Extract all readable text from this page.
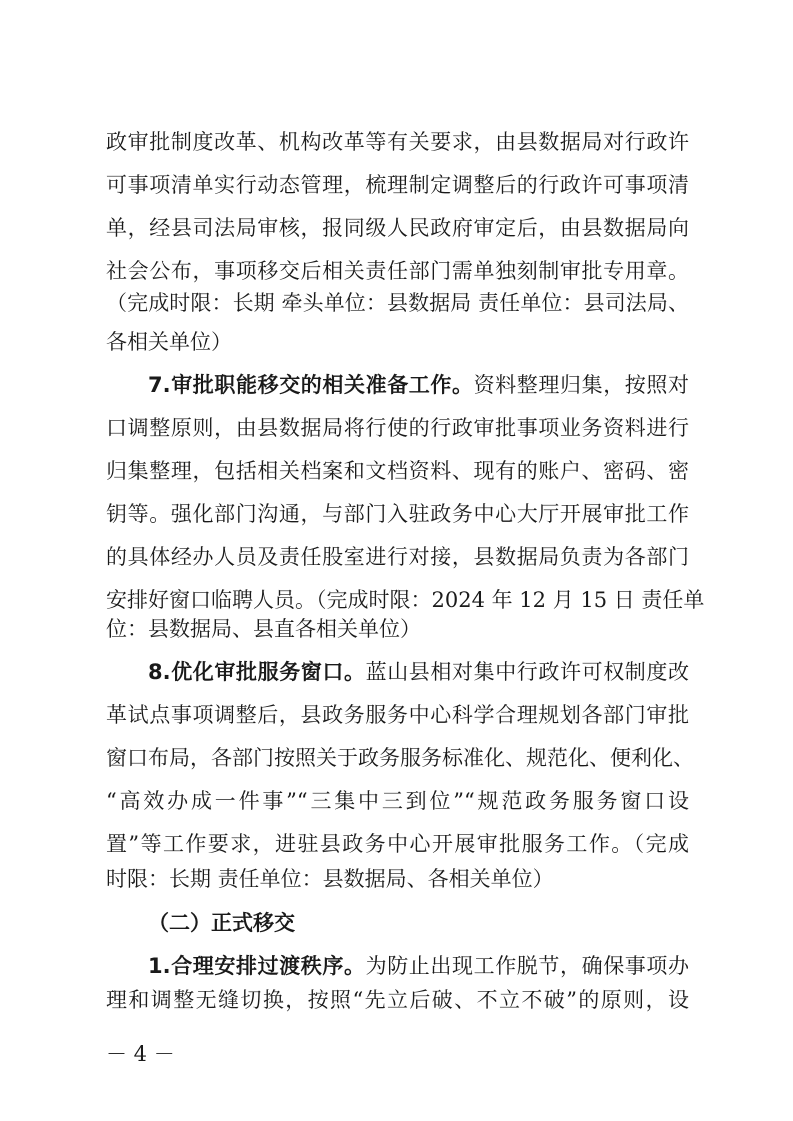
政审批制度改革、机构改革等有关要求，由县数据局对行政许
可事项清单实行动态管理，梳理制定调整后的行政许可事项清
单，经县司法局审核，报同级人民政府审定后，由县数据局向
社会公布，事项移交后相关责任部门需单独刻制审批专用章。
（完成时限：长期 牵头单位：县数据局 责任单位：县司法局、
各相关单位）
7.审批职能移交的相关准备工作。资料整理归集，按照对
口调整原则，由县数据局将行使的行政审批事项业务资料进行
归集整理，包括相关档案和文档资料、现有的账户、密码、密
钥等。强化部门沟通，与部门入驻政务中心大厅开展审批工作
的具体经办人员及责任股室进行对接，县数据局负责为各部门
安排好窗口临聘人员。（完成时限：2024 年 12 月 15 日 责任单
位：县数据局、县直各相关单位）
8.优化审批服务窗口。蓝山县相对集中行政许可权制度改
革试点事项调整后，县政务服务中心科学合理规划各部门审批
窗口布局，各部门按照关于政务服务标准化、规范化、便利化、
“高效办成一件事”“三集中三到位”“规范政务服务窗口设
置”等工作要求，进驻县政务中心开展审批服务工作。（完成
时限：长期 责任单位：县数据局、各相关单位）
（二）正式移交
1.合理安排过渡秩序。为防止出现工作脱节，确保事项办
理和调整无缝切换，按照“先立后破、不立不破”的原则，设
－ 4 －
